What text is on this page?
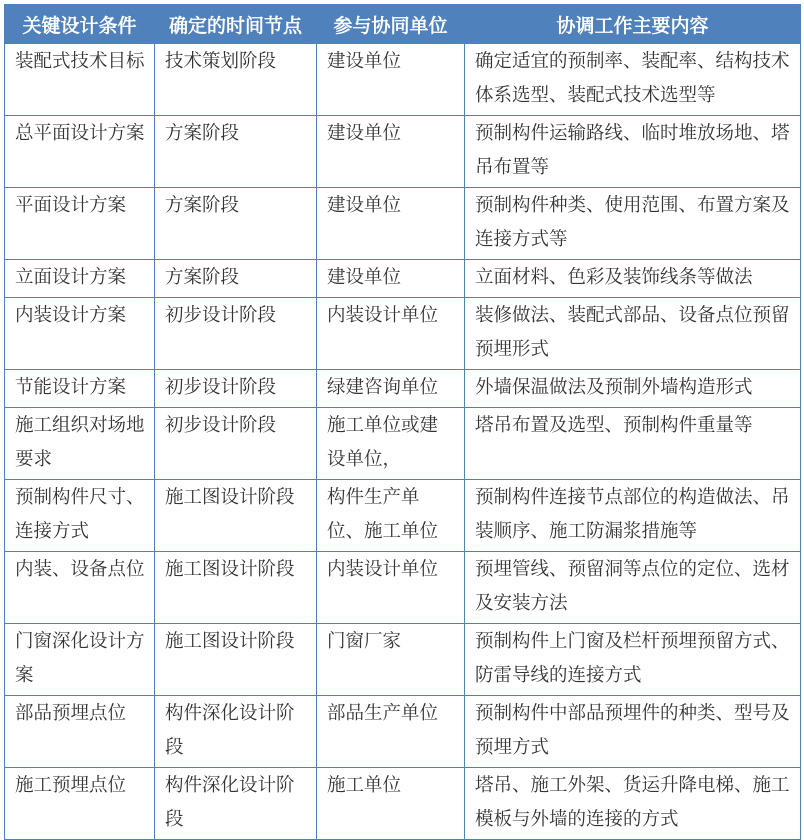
关键设计条件	确定的时间节点	参与协同单位	协调工作主要内容
装配式技术目标	技术策划阶段	建设单位	确定适宜的预制率、装配率、结构技术体系选型、装配式技术选型等
总平面设计方案	方案阶段	建设单位	预制构件运输路线、临时堆放场地、塔吊布置等
平面设计方案	方案阶段	建设单位	预制构件种类、使用范围、布置方案及连接方式等
立面设计方案	方案阶段	建设单位	立面材料、色彩及装饰线条等做法
内装设计方案	初步设计阶段	内装设计单位	装修做法、装配式部品、设备点位预留预埋形式
节能设计方案	初步设计阶段	绿建咨询单位	外墙保温做法及预制外墙构造形式
施工组织对场地要求	初步设计阶段	施工单位或建设单位，	塔吊布置及选型、预制构件重量等
预制构件尺寸、连接方式	施工图设计阶段	构件生产单位、施工单位	预制构件连接节点部位的构造做法、吊装顺序、施工防漏浆措施等
内装、设备点位	施工图设计阶段	内装设计单位	预埋管线、预留洞等点位的定位、选材及安装方法
门窗深化设计方案	施工图设计阶段	门窗厂家	预制构件上门窗及栏杆预埋预留方式、防雷导线的连接方式
部品预埋点位	构件深化设计阶段	部品生产单位	预制构件中部品预埋件的种类、型号及预埋方式
施工预埋点位	构件深化设计阶段	施工单位	塔吊、施工外架、货运升降电梯、施工模板与外墙的连接的方式
